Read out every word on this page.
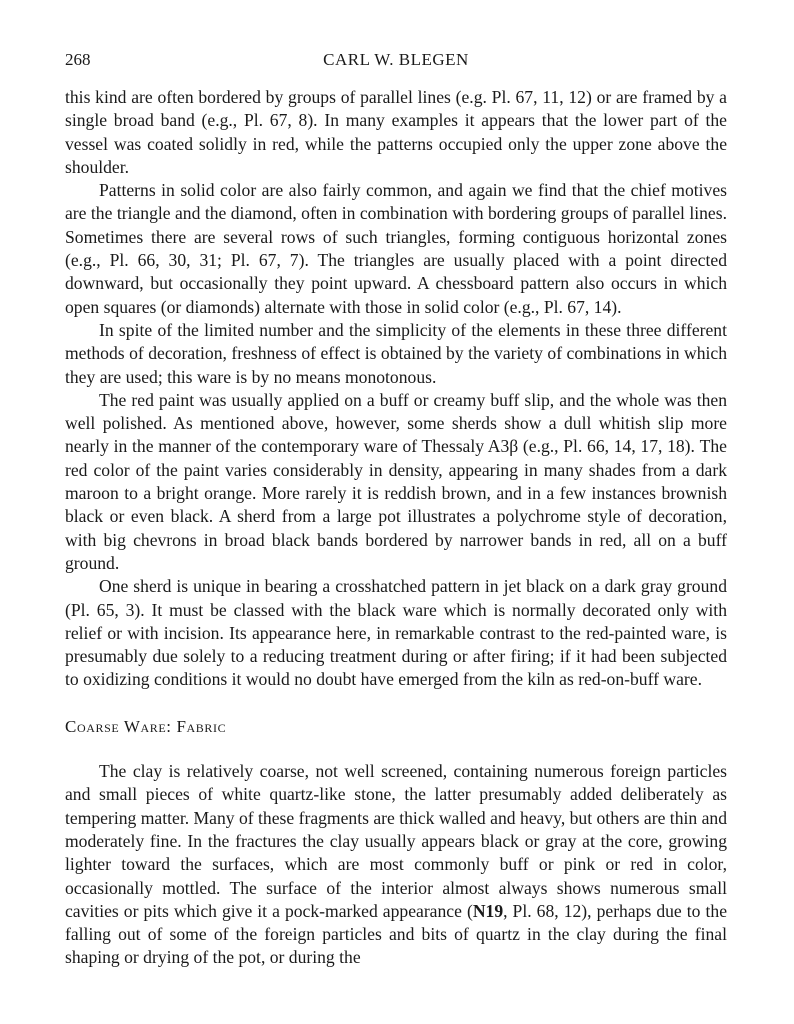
268	CARL W. BLEGEN

this kind are often bordered by groups of parallel lines (e.g. Pl. 67, 11, 12) or are framed by a single broad band (e.g., Pl. 67, 8). In many examples it appears that the lower part of the vessel was coated solidly in red, while the patterns occupied only the upper zone above the shoulder.

Patterns in solid color are also fairly common, and again we find that the chief motives are the triangle and the diamond, often in combination with bordering groups of parallel lines. Sometimes there are several rows of such triangles, forming contiguous horizontal zones (e.g., Pl. 66, 30, 31; Pl. 67, 7). The triangles are usually placed with a point directed downward, but occasionally they point upward. A chessboard pattern also occurs in which open squares (or diamonds) alternate with those in solid color (e.g., Pl. 67, 14).

In spite of the limited number and the simplicity of the elements in these three different methods of decoration, freshness of effect is obtained by the variety of combinations in which they are used; this ware is by no means monotonous.

The red paint was usually applied on a buff or creamy buff slip, and the whole was then well polished. As mentioned above, however, some sherds show a dull whitish slip more nearly in the manner of the contemporary ware of Thessaly A3β (e.g., Pl. 66, 14, 17, 18). The red color of the paint varies considerably in density, appearing in many shades from a dark maroon to a bright orange. More rarely it is reddish brown, and in a few instances brownish black or even black. A sherd from a large pot illustrates a polychrome style of decoration, with big chevrons in broad black bands bordered by narrower bands in red, all on a buff ground.

One sherd is unique in bearing a crosshatched pattern in jet black on a dark gray ground (Pl. 65, 3). It must be classed with the black ware which is normally decorated only with relief or with incision. Its appearance here, in remarkable contrast to the red-painted ware, is presumably due solely to a reducing treatment during or after firing; if it had been subjected to oxidizing conditions it would no doubt have emerged from the kiln as red-on-buff ware.

Coarse Ware: Fabric

The clay is relatively coarse, not well screened, containing numerous foreign particles and small pieces of white quartz-like stone, the latter presumably added deliberately as tempering matter. Many of these fragments are thick walled and heavy, but others are thin and moderately fine. In the fractures the clay usually appears black or gray at the core, growing lighter toward the surfaces, which are most commonly buff or pink or red in color, occasionally mottled. The surface of the interior almost always shows numerous small cavities or pits which give it a pock-marked appearance (N19, Pl. 68, 12), perhaps due to the falling out of some of the foreign particles and bits of quartz in the clay during the final shaping or drying of the pot, or during the
